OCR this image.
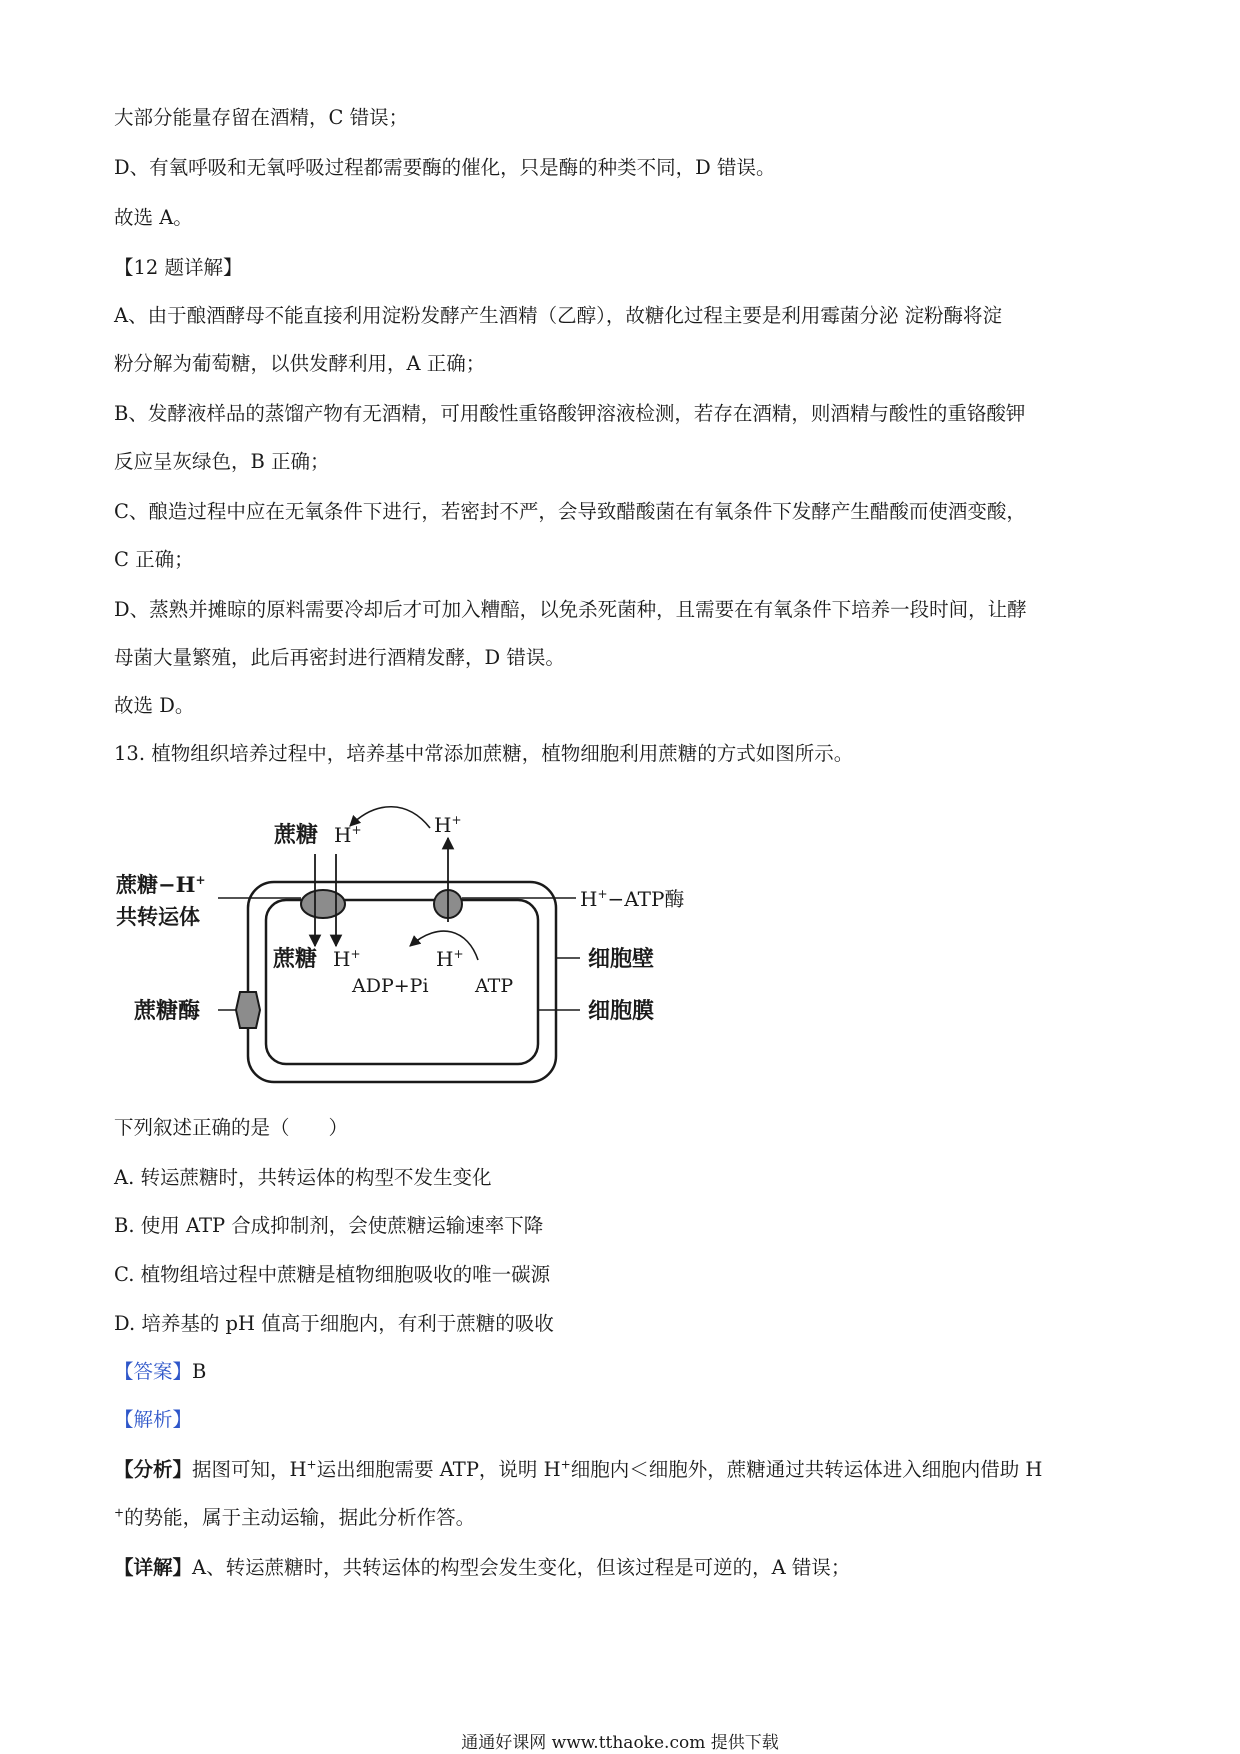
大部分能量存留在酒精，C 错误；
D、有氧呼吸和无氧呼吸过程都需要酶的催化，只是酶的种类不同，D 错误。
故选 A。
【12 题详解】
A、由于酿酒酵母不能直接利用淀粉发酵产生酒精（乙醇），故糖化过程主要是利用霉菌分泌 淀粉酶将淀
粉分解为葡萄糖，以供发酵利用，A 正确；
B、发酵液样品的蒸馏产物有无酒精，可用酸性重铬酸钾溶液检测，若存在酒精，则酒精与酸性的重铬酸钾
反应呈灰绿色，B 正确；
C、酿造过程中应在无氧条件下进行，若密封不严，会导致醋酸菌在有氧条件下发酵产生醋酸而使酒变酸，
C 正确；
D、蒸熟并摊晾的原料需要冷却后才可加入糟醅，以免杀死菌种，且需要在有氧条件下培养一段时间，让酵
母菌大量繁殖，此后再密封进行酒精发酵，D 错误。
故选 D。
13. 植物组织培养过程中，培养基中常添加蔗糖，植物细胞利用蔗糖的方式如图所示。
蔗糖 H+	H+
蔗糖−H+
共转运体
H+−ATP酶
蔗糖 H+	H+
ADP+Pi ATP
细胞壁
蔗糖酶	细胞膜
下列叙述正确的是（　　）
A. 转运蔗糖时，共转运体的构型不发生变化
B. 使用 ATP 合成抑制剂，会使蔗糖运输速率下降
C. 植物组培过程中蔗糖是植物细胞吸收的唯一碳源
D. 培养基的 pH 值高于细胞内，有利于蔗糖的吸收
【答案】B
【解析】
【分析】据图可知，H+运出细胞需要 ATP，说明 H+细胞内＜细胞外，蔗糖通过共转运体进入细胞内借助 H
+的势能，属于主动运输，据此分析作答。
【详解】A、转运蔗糖时，共转运体的构型会发生变化，但该过程是可逆的，A 错误；
通通好课网 www.tthaoke.com 提供下载
